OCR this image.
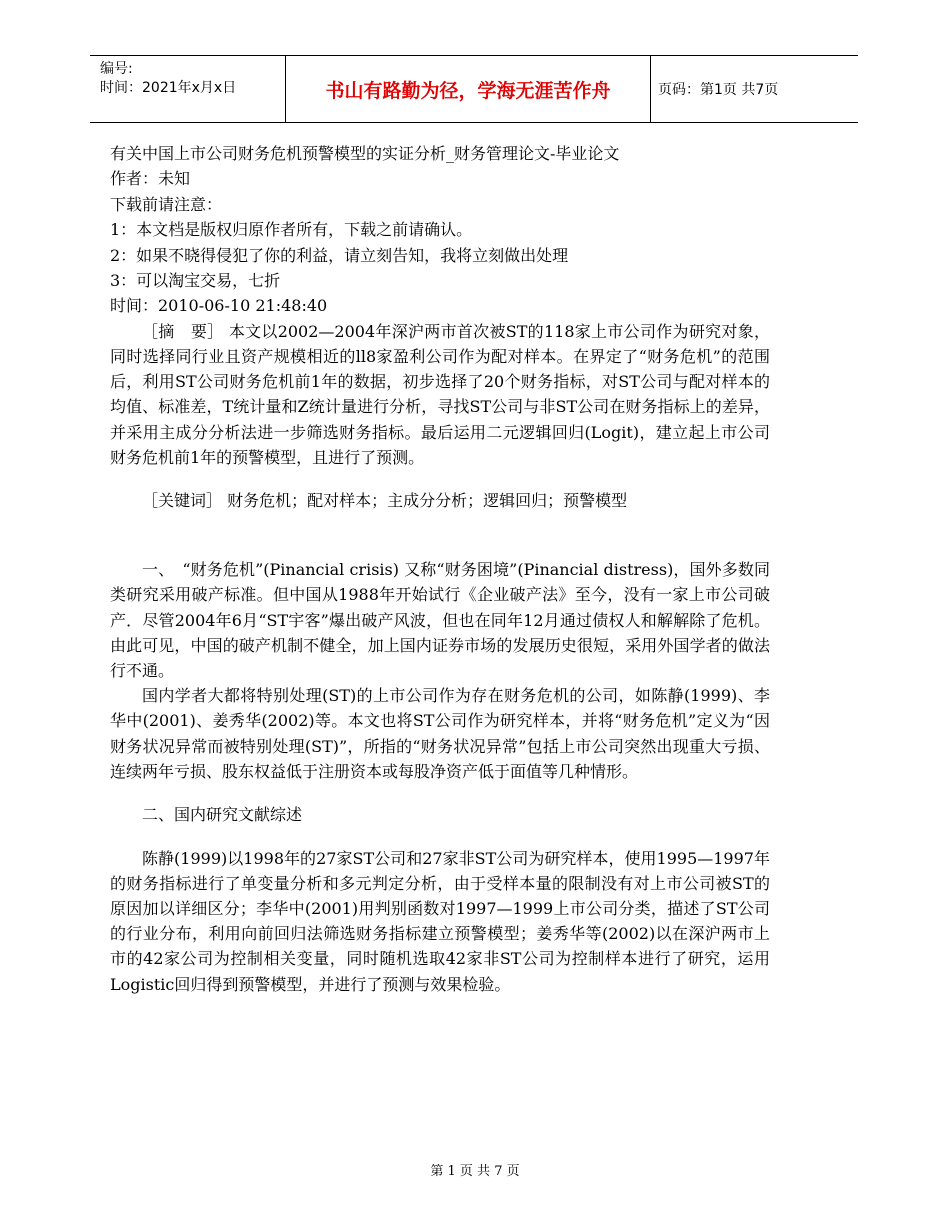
编号:
时间：2021年x月x日	书山有路勤为径，学海无涯苦作舟	页码：第1页 共7页
有关中国上市公司财务危机预警模型的实证分析_财务管理论文-毕业论文
作者：未知
下载前请注意：
1：本文档是版权归原作者所有，下载之前请确认。
2：如果不晓得侵犯了你的利益，请立刻告知，我将立刻做出处理
3：可以淘宝交易，七折
时间：2010-06-10 21:48:40
［摘　要］ 本文以2002—2004年深沪两市首次被ST的118家上市公司作为研究对象，同时选择同行业且资产规模相近的ll8家盈利公司作为配对样本。在界定了“财务危机”的范围后，利用ST公司财务危机前1年的数据，初步选择了20个财务指标，对ST公司与配对样本的均值、标准差，T统计量和Z统计量进行分析，寻找ST公司与非ST公司在财务指标上的差异，并采用主成分分析法进一步筛选财务指标。最后运用二元逻辑回归(Logit)，建立起上市公司财务危机前1年的预警模型，且进行了预测。
［关键词］ 财务危机；配对样本；主成分分析；逻辑回归；预警模型
一、　“财务危机”(Pinancial crisis) 又称“财务困境”(Pinancial distress)，国外多数同类研究采用破产标准。但中国从1988年开始试行《企业破产法》至今，没有一家上市公司破产．尽管2004年6月“ST宇客”爆出破产风波，但也在同年12月通过债权人和解解除了危机。由此可见，中国的破产机制不健全，加上国内证券市场的发展历史很短，采用外国学者的做法行不通。
国内学者大都将特别处理(ST)的上市公司作为存在财务危机的公司，如陈静(1999)、李华中(2001)、姜秀华(2002)等。本文也将ST公司作为研究样本，并将“财务危机”定义为“因财务状况异常而被特别处理(ST)”，所指的“财务状况异常”包括上市公司突然出现重大亏损、连续两年亏损、股东权益低于注册资本或每股净资产低于面值等几种情形。
二、国内研究文献综述
陈静(1999)以1998年的27家ST公司和27家非ST公司为研究样本，使用1995—1997年的财务指标进行了单变量分析和多元判定分析，由于受样本量的限制没有对上市公司被ST的原因加以详细区分；李华中(2001)用判别函数对1997—1999上市公司分类，描述了ST公司的行业分布，利用向前回归法筛选财务指标建立预警模型；姜秀华等(2002)以在深沪两市上市的42家公司为控制相关变量，同时随机选取42家非ST公司为控制样本进行了研究，运用Logistic回归得到预警模型，并进行了预测与效果检验。
第 1 页 共 7 页
